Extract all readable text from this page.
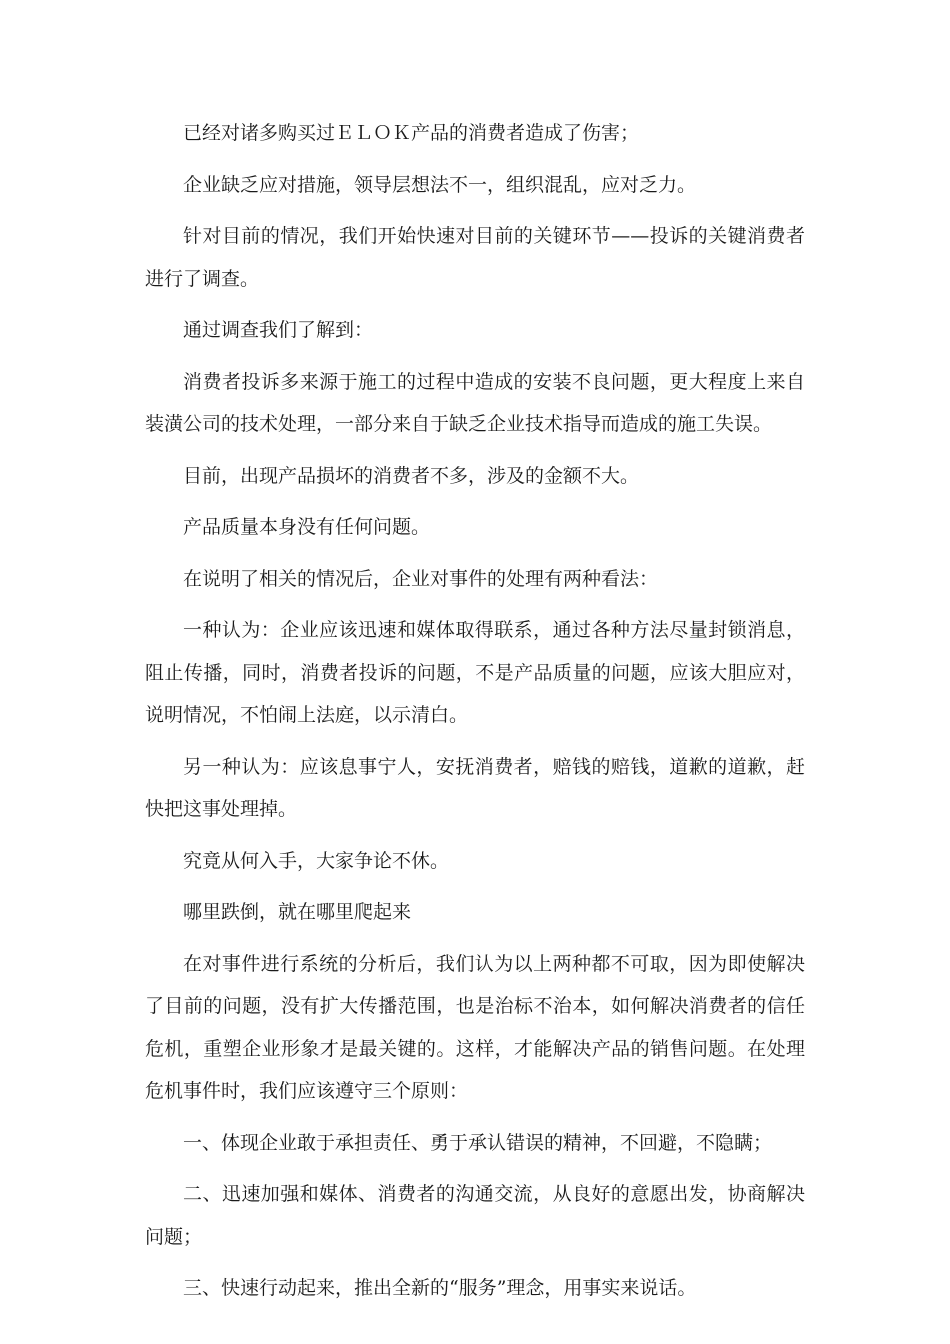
已经对诸多购买过ＥＬＯＫ产品的消费者造成了伤害；

企业缺乏应对措施，领导层想法不一，组织混乱，应对乏力。

针对目前的情况，我们开始快速对目前的关键环节——投诉的关键消费者进行了调查。

通过调查我们了解到：

消费者投诉多来源于施工的过程中造成的安装不良问题，更大程度上来自装潢公司的技术处理，一部分来自于缺乏企业技术指导而造成的施工失误。

目前，出现产品损坏的消费者不多，涉及的金额不大。

产品质量本身没有任何问题。

在说明了相关的情况后，企业对事件的处理有两种看法：

一种认为：企业应该迅速和媒体取得联系，通过各种方法尽量封锁消息，阻止传播，同时，消费者投诉的问题，不是产品质量的问题，应该大胆应对，说明情况，不怕闹上法庭，以示清白。

另一种认为：应该息事宁人，安抚消费者，赔钱的赔钱，道歉的道歉，赶快把这事处理掉。

究竟从何入手，大家争论不休。

哪里跌倒，就在哪里爬起来

在对事件进行系统的分析后，我们认为以上两种都不可取，因为即使解决了目前的问题，没有扩大传播范围，也是治标不治本，如何解决消费者的信任危机，重塑企业形象才是最关键的。这样，才能解决产品的销售问题。在处理危机事件时，我们应该遵守三个原则：

一、体现企业敢于承担责任、勇于承认错误的精神，不回避，不隐瞒；

二、迅速加强和媒体、消费者的沟通交流，从良好的意愿出发，协商解决问题；

三、快速行动起来，推出全新的“服务”理念，用事实来说话。
